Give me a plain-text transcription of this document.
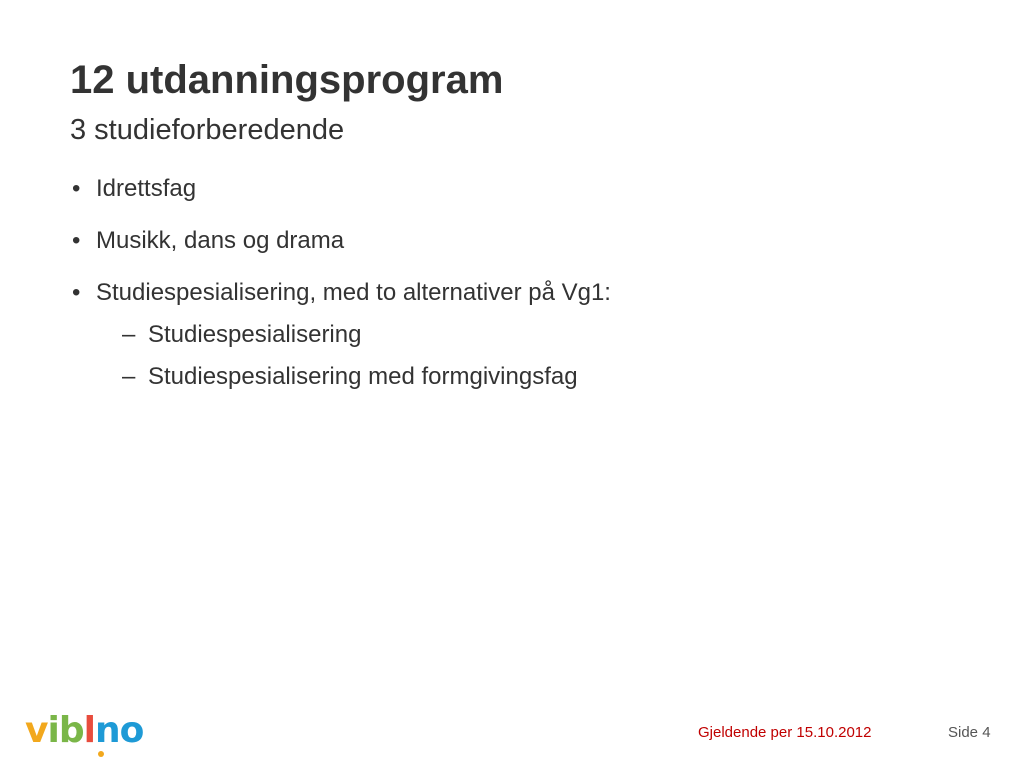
12 utdanningsprogram
3 studieforberedende
• Idrettsfag
• Musikk, dans og drama
• Studiespesialisering, med to alternativer på Vg1:
– Studiespesialisering
– Studiespesialisering med formgivingsfag
viblno	Gjeldende per 15.10.2012	Side 4
